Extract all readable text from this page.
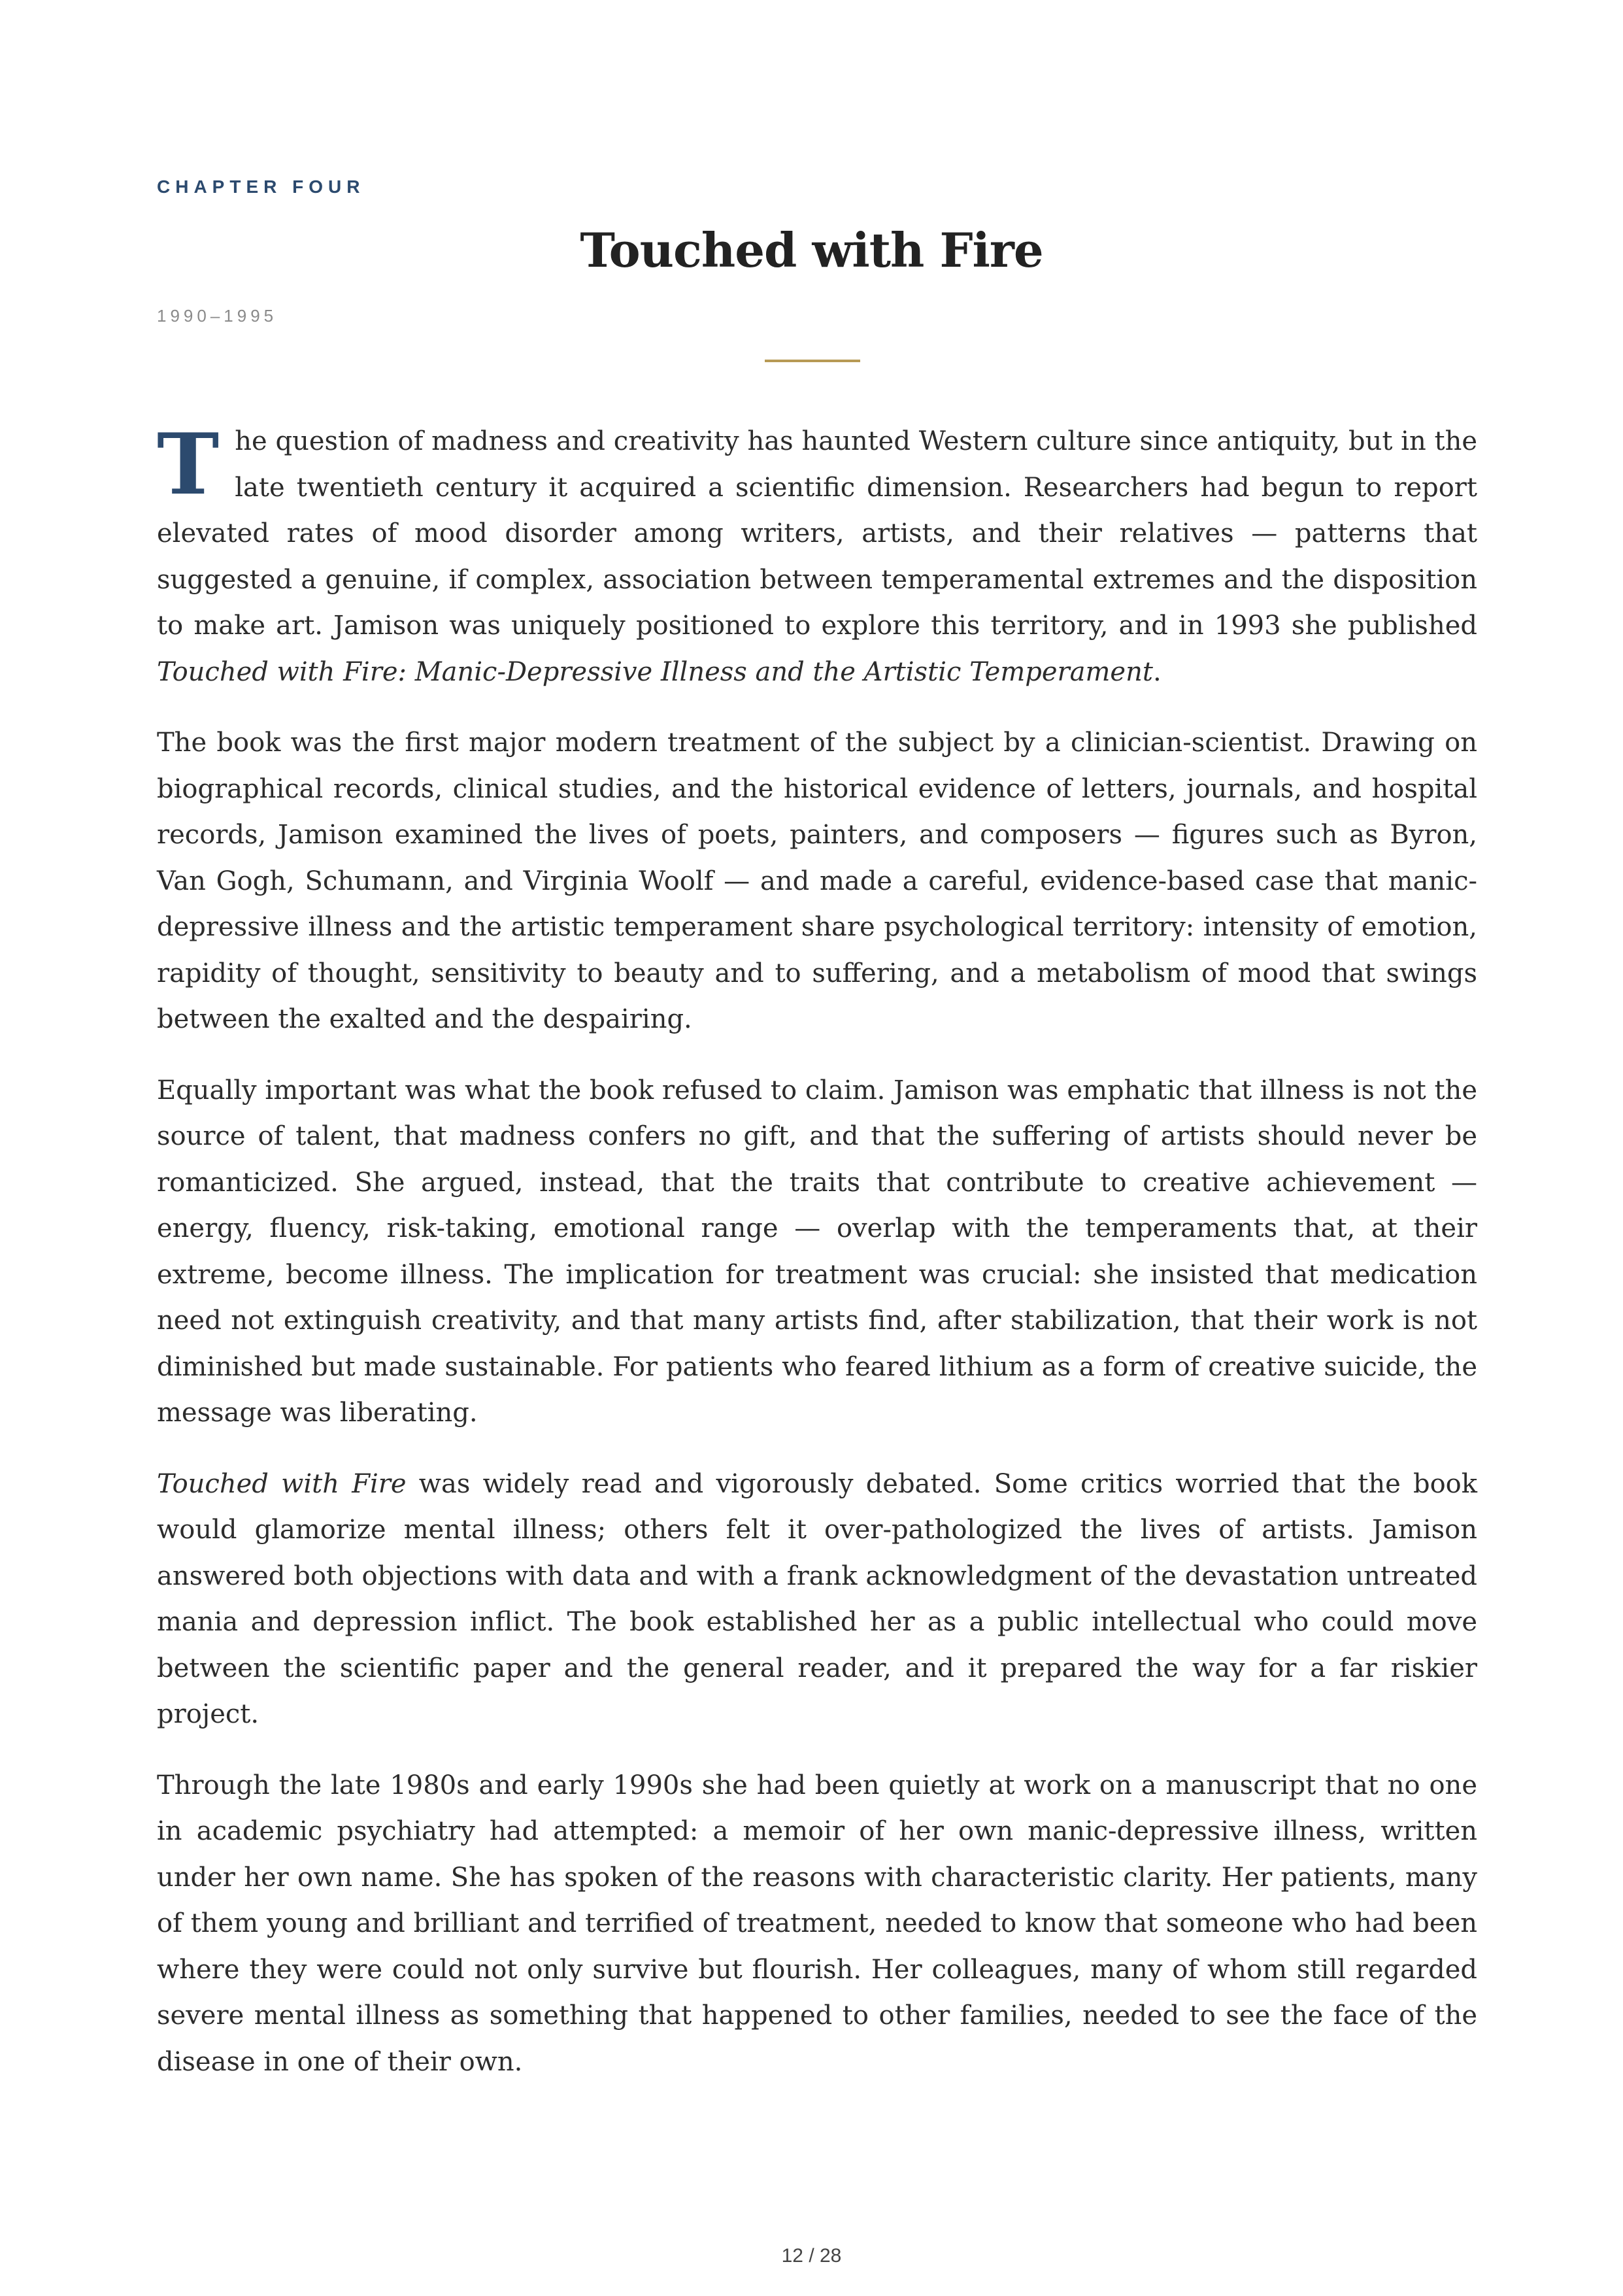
CHAPTER FOUR
Touched with Fire
1990–1995

The question of madness and creativity has haunted Western culture since antiquity, but in the late twentieth century it acquired a scientific dimension. Researchers had begun to report elevated rates of mood disorder among writers, artists, and their relatives — patterns that suggested a genuine, if complex, association between temperamental extremes and the disposition to make art. Jamison was uniquely positioned to explore this territory, and in 1993 she published Touched with Fire: Manic-Depressive Illness and the Artistic Temperament.

The book was the first major modern treatment of the subject by a clinician-scientist. Drawing on biographical records, clinical studies, and the historical evidence of letters, journals, and hospital records, Jamison examined the lives of poets, painters, and composers — figures such as Byron, Van Gogh, Schumann, and Virginia Woolf — and made a careful, evidence-based case that manic-depressive illness and the artistic temperament share psychological territory: intensity of emotion, rapidity of thought, sensitivity to beauty and to suffering, and a metabolism of mood that swings between the exalted and the despairing.

Equally important was what the book refused to claim. Jamison was emphatic that illness is not the source of talent, that madness confers no gift, and that the suffering of artists should never be romanticized. She argued, instead, that the traits that contribute to creative achievement — energy, fluency, risk-taking, emotional range — overlap with the temperaments that, at their extreme, become illness. The implication for treatment was crucial: she insisted that medication need not extinguish creativity, and that many artists find, after stabilization, that their work is not diminished but made sustainable. For patients who feared lithium as a form of creative suicide, the message was liberating.

Touched with Fire was widely read and vigorously debated. Some critics worried that the book would glamorize mental illness; others felt it over-pathologized the lives of artists. Jamison answered both objections with data and with a frank acknowledgment of the devastation untreated mania and depression inflict. The book established her as a public intellectual who could move between the scientific paper and the general reader, and it prepared the way for a far riskier project.

Through the late 1980s and early 1990s she had been quietly at work on a manuscript that no one in academic psychiatry had attempted: a memoir of her own manic-depressive illness, written under her own name. She has spoken of the reasons with characteristic clarity. Her patients, many of them young and brilliant and terrified of treatment, needed to know that someone who had been where they were could not only survive but flourish. Her colleagues, many of whom still regarded severe mental illness as something that happened to other families, needed to see the face of the disease in one of their own.

12 / 28
